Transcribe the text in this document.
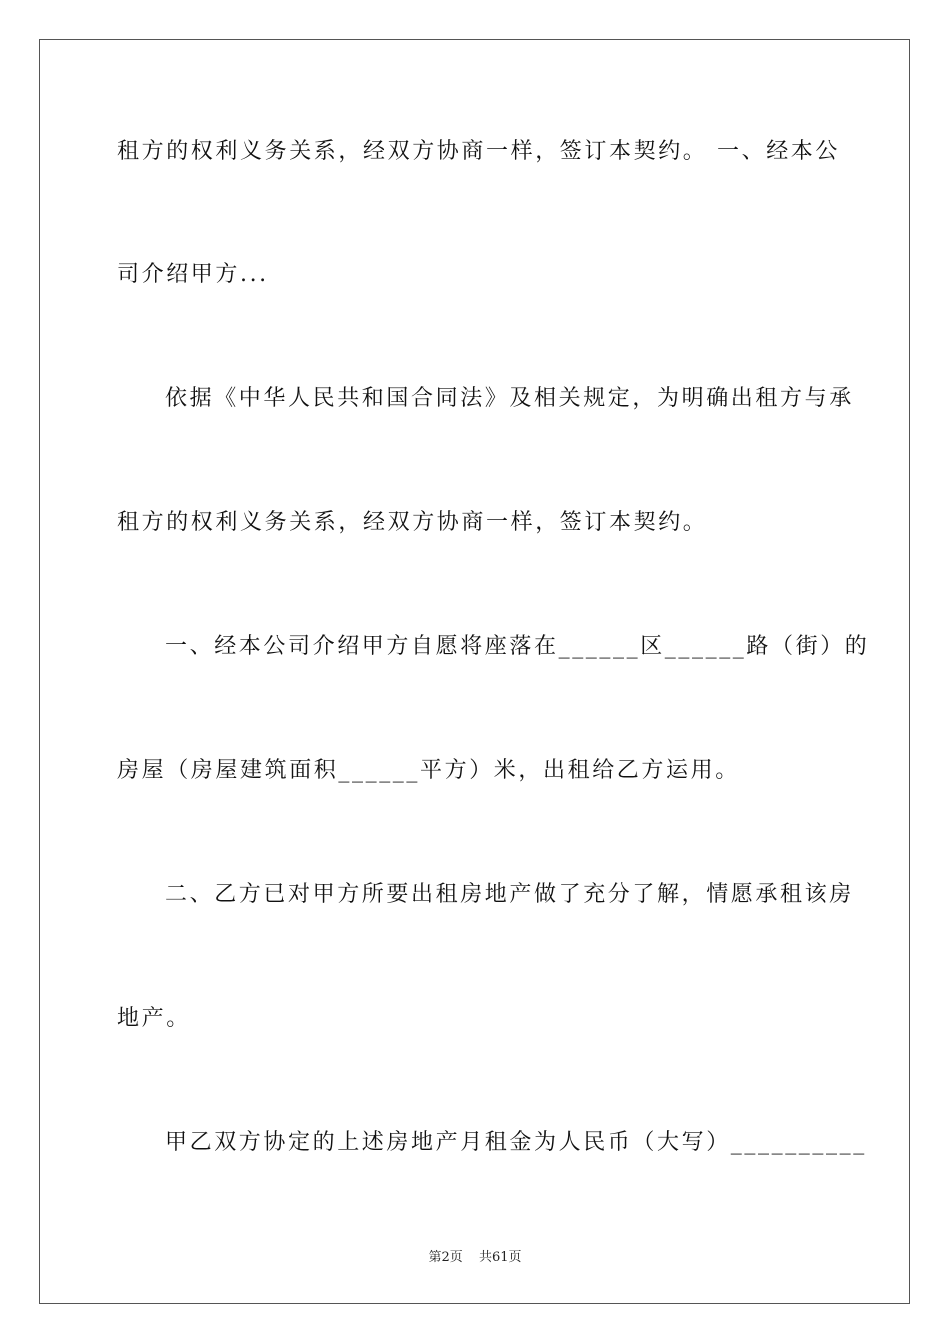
租方的权利义务关系，经双方协商一样，签订本契约。 一、经本公
司介绍甲方...
依据《中华人民共和国合同法》及相关规定，为明确出租方与承
租方的权利义务关系，经双方协商一样，签订本契约。
一、经本公司介绍甲方自愿将座落在______区______路（街）的
房屋（房屋建筑面积______平方）米，出租给乙方运用。
二、乙方已对甲方所要出租房地产做了充分了解，情愿承租该房
地产。
甲乙双方协定的上述房地产月租金为人民币（大写）__________
第2页 共61页
